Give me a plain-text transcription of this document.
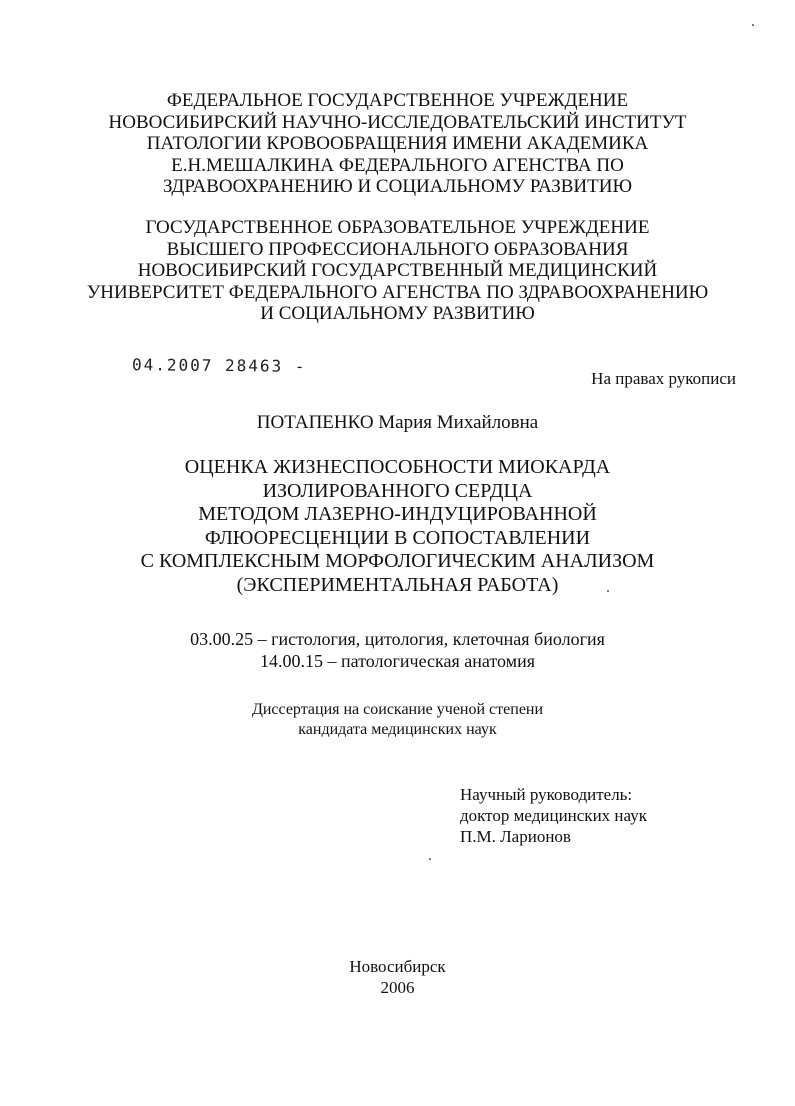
ФЕДЕРАЛЬНОЕ ГОСУДАРСТВЕННОЕ УЧРЕЖДЕНИЕ
НОВОСИБИРСКИЙ НАУЧНО-ИССЛЕДОВАТЕЛЬСКИЙ ИНСТИТУТ
ПАТОЛОГИИ КРОВООБРАЩЕНИЯ ИМЕНИ АКАДЕМИКА
Е.Н.МЕШАЛКИНА ФЕДЕРАЛЬНОГО АГЕНСТВА ПО
ЗДРАВООХРАНЕНИЮ И СОЦИАЛЬНОМУ РАЗВИТИЮ
ГОСУДАРСТВЕННОЕ ОБРАЗОВАТЕЛЬНОЕ УЧРЕЖДЕНИЕ
ВЫСШЕГО ПРОФЕССИОНАЛЬНОГО ОБРАЗОВАНИЯ
НОВОСИБИРСКИЙ ГОСУДАРСТВЕННЫЙ МЕДИЦИНСКИЙ
УНИВЕРСИТЕТ ФЕДЕРАЛЬНОГО АГЕНСТВА ПО ЗДРАВООХРАНЕНИЮ
И СОЦИАЛЬНОМУ РАЗВИТИЮ
04.2007 28463 -
На правах рукописи
ПОТАПЕНКО Мария Михайловна
ОЦЕНКА ЖИЗНЕСПОСОБНОСТИ МИОКАРДА
ИЗОЛИРОВАННОГО СЕРДЦА
МЕТОДОМ ЛАЗЕРНО-ИНДУЦИРОВАННОЙ
ФЛЮОРЕСЦЕНЦИИ В СОПОСТАВЛЕНИИ
С КОМПЛЕКСНЫМ МОРФОЛОГИЧЕСКИМ АНАЛИЗОМ
(ЭКСПЕРИМЕНТАЛЬНАЯ РАБОТА)
03.00.25 – гистология, цитология, клеточная биология
14.00.15 – патологическая анатомия
Диссертация на соискание ученой степени
кандидата медицинских наук
Научный руководитель:
доктор медицинских наук
П.М. Ларионов
Новосибирск
2006
